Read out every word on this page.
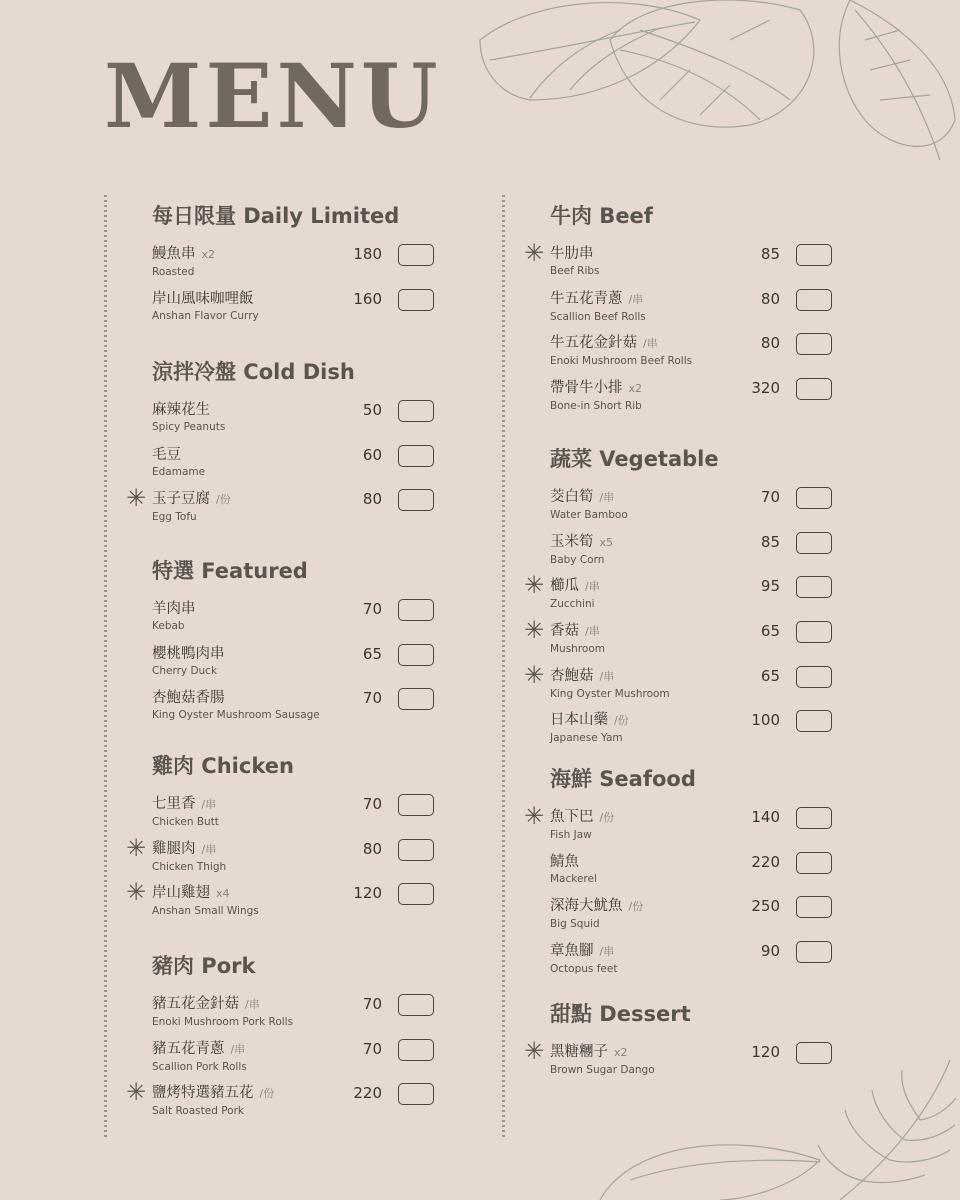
MENU
每日限量 Daily Limited
鰻魚串 x2
Roasted
180
岸山風味咖哩飯
Anshan Flavor Curry
160
涼拌冷盤 Cold Dish
麻辣花生
Spicy Peanuts
50
毛豆
Edamame
60
✳ 玉子豆腐 /份
Egg Tofu
80
特選 Featured
羊肉串
Kebab
70
櫻桃鴨肉串
Cherry Duck
65
杏鮑菇香腸
King Oyster Mushroom Sausage
70
雞肉 Chicken
七里香 /串
Chicken Butt
70
✳ 雞腿肉 /串
Chicken Thigh
80
✳ 岸山雞翅 x4
Anshan Small Wings
120
豬肉 Pork
豬五花金針菇 /串
Enoki Mushroom Pork Rolls
70
豬五花青蔥 /串
Scallion Pork Rolls
70
✳ 鹽烤特選豬五花 /份
Salt Roasted Pork
220
牛肉 Beef
✳ 牛肋串
Beef Ribs
85
牛五花青蔥 /串
Scallion Beef Rolls
80
牛五花金針菇 /串
Enoki Mushroom Beef Rolls
80
帶骨牛小排 x2
Bone-in Short Rib
320
蔬菜 Vegetable
茭白筍 /串
Water Bamboo
70
玉米筍 x5
Baby Corn
85
✳ 櫛瓜 /串
Zucchini
95
✳ 香菇 /串
Mushroom
65
✳ 杏鮑菇 /串
King Oyster Mushroom
65
日本山藥 /份
Japanese Yam
100
海鮮 Seafood
✳ 魚下巴 /份
Fish Jaw
140
鯖魚
Mackerel
220
深海大魷魚 /份
Big Squid
250
章魚腳 /串
Octopus feet
90
甜點 Dessert
✳ 黑糖糰子 x2
Brown Sugar Dango
120
